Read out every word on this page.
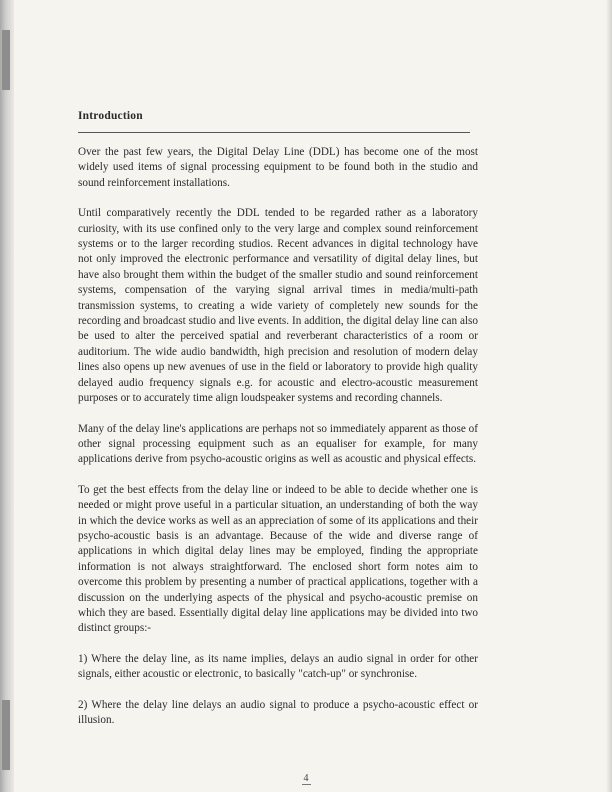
Introduction

Over the past few years, the Digital Delay Line (DDL) has become one of the most widely used items of signal processing equipment to be found both in the studio and sound reinforcement installations.

Until comparatively recently the DDL tended to be regarded rather as a laboratory curiosity, with its use confined only to the very large and complex sound reinforcement systems or to the larger recording studios. Recent advances in digital technology have not only improved the electronic performance and versatility of digital delay lines, but have also brought them within the budget of the smaller studio and sound reinforcement systems, compensation of the varying signal arrival times in media/multi-path transmission systems, to creating a wide variety of completely new sounds for the recording and broadcast studio and live events. In addition, the digital delay line can also be used to alter the perceived spatial and reverberant characteristics of a room or auditorium. The wide audio bandwidth, high precision and resolution of modern delay lines also opens up new avenues of use in the field or laboratory to provide high quality delayed audio frequency signals e.g. for acoustic and electro-acoustic measurement purposes or to accurately time align loudspeaker systems and recording channels.

Many of the delay line's applications are perhaps not so immediately apparent as those of other signal processing equipment such as an equaliser for example, for many applications derive from psycho-acoustic origins as well as acoustic and physical effects.

To get the best effects from the delay line or indeed to be able to decide whether one is needed or might prove useful in a particular situation, an understanding of both the way in which the device works as well as an appreciation of some of its applications and their psycho-acoustic basis is an advantage. Because of the wide and diverse range of applications in which digital delay lines may be employed, finding the appropriate information is not always straightforward. The enclosed short form notes aim to overcome this problem by presenting a number of practical applications, together with a discussion on the underlying aspects of the physical and psycho-acoustic premise on which they are based. Essentially digital delay line applications may be divided into two distinct groups:-

1) Where the delay line, as its name implies, delays an audio signal in order for other signals, either acoustic or electronic, to basically "catch-up" or synchronise.

2) Where the delay line delays an audio signal to produce a psycho-acoustic effect or illusion.

4
